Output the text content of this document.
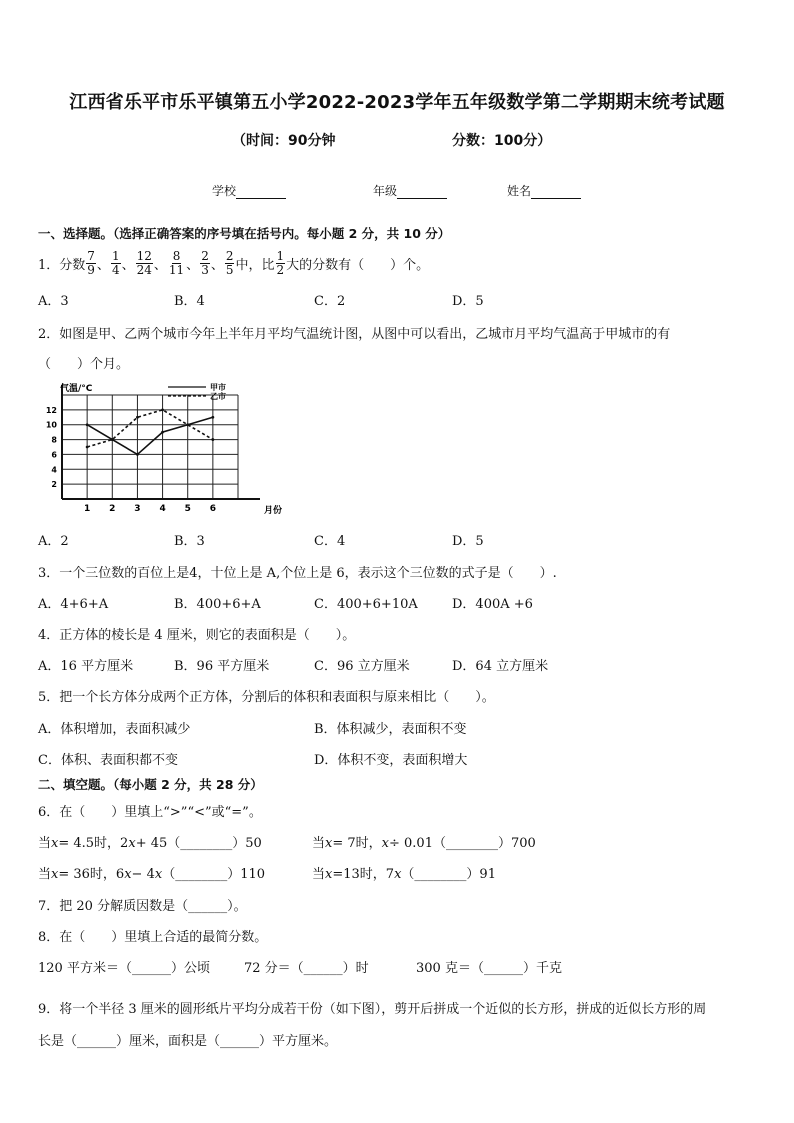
江西省乐平市乐平镇第五小学2022-2023学年五年级数学第二学期期末统考试题
（时间：90分钟	分数：100分）
学校	年级	姓名
一、选择题。（选择正确答案的序号填在括号内。每小题 2 分，共 10 分）
1．分数 $\frac{7}{9}$ 、 $\frac{1}{4}$ 、 $\frac{12}{24}$ 、 $\frac{8}{11}$ 、 $\frac{2}{3}$ 、 $\frac{2}{5}$ 中，比 $\frac{1}{2}$ 大的分数有（　　）个。
A．3	B．4	C．2	D．5
2．如图是甲、乙两个城市今年上半年月平均气温统计图，从图中可以看出，乙城市月平均气温高于甲城市的有
（　　）个月。
2
4
6
8
10
12
1 2 3 4 5 6
气温/°C
月份
甲市
乙市
A．2	B．3	C．4	D．5
3．一个三位数的百位上是4，十位上是 A,个位上是 6，表示这个三位数的式子是（　　）.
A．4+6+A	B．400+6+A	C．400+6+10A	D．400A +6
4．正方体的棱长是 4 厘米，则它的表面积是（　　）。
A．16 平方厘米	B．96 平方厘米	C．96 立方厘米	D．64 立方厘米
5．把一个长方体分成两个正方体，分割后的体积和表面积与原来相比（　　）。
A．体积增加，表面积减少	B．体积减少，表面积不变
C．体积、表面积都不变	D．体积不变，表面积增大
二、填空题。（每小题 2 分，共 28 分）
6．在（　　）里填上“>”“<”或“=”。
当x= 4.5时，2x+ 45（________）50	当x= 7时，x÷ 0.01（________）700
当x= 36时，6x− 4x（________）110	当x=13时，7x（________）91
7．把 20 分解质因数是（______）。
8．在（　　）里填上合适的最简分数。
120 平方米＝（______）公顷	72 分＝（______）时	300 克＝（______）千克
9．将一个半径 3 厘米的圆形纸片平均分成若干份（如下图），剪开后拼成一个近似的长方形，拼成的近似长方形的周
长是（______）厘米，面积是（______）平方厘米。
